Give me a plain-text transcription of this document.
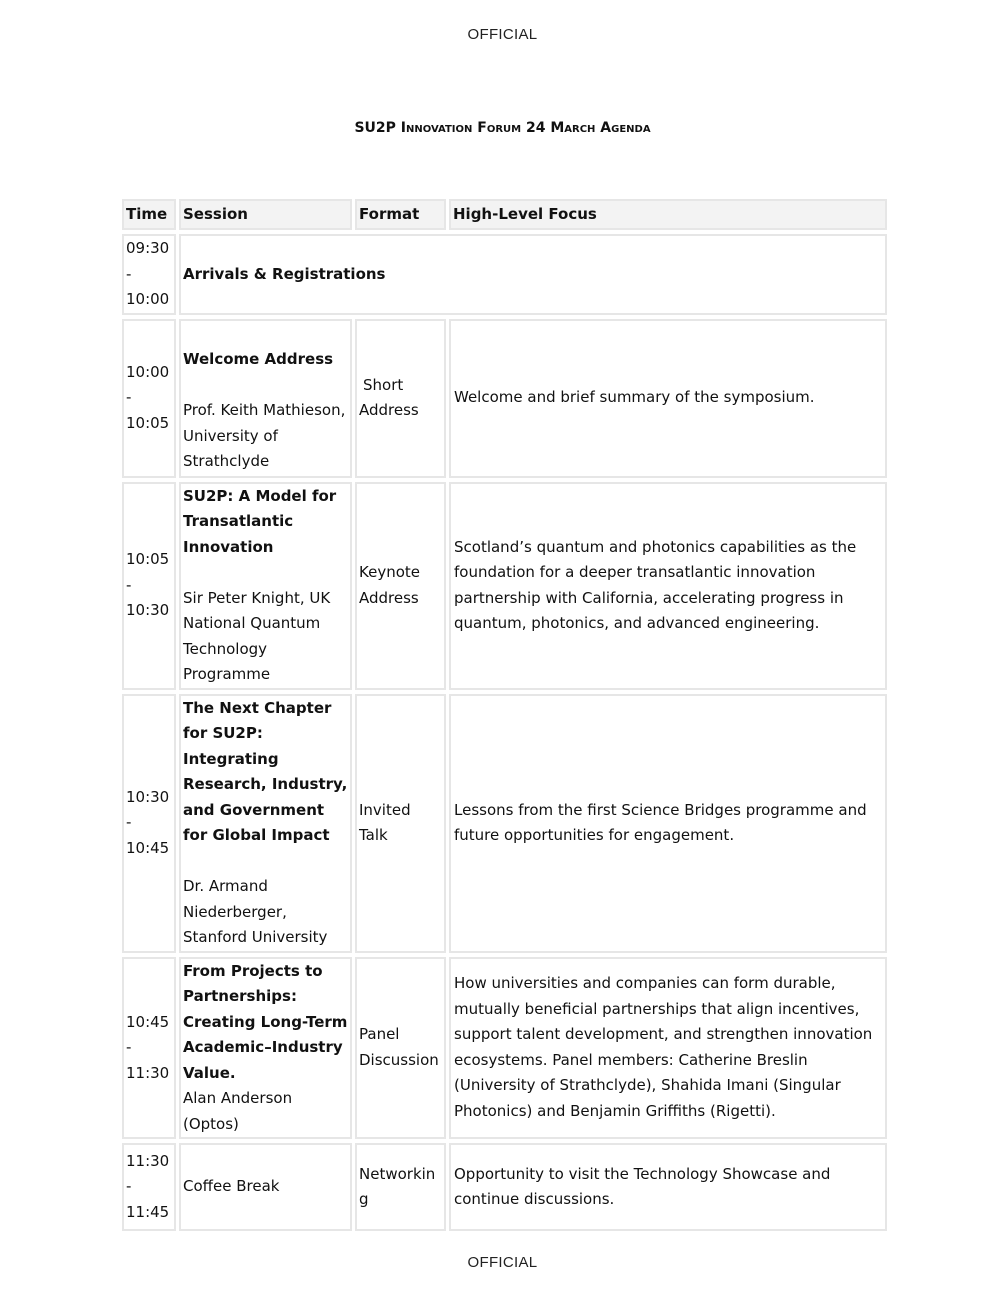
OFFICIAL
SU2P Innovation Forum 24 March Agenda
Time	Session	Format	High-Level Focus

09:30-
10:00	Arrivals & Registrations		

10:00-
10:05	Welcome Address
Prof. Keith Mathieson, University of Strathclyde	Short
Address	Welcome and brief summary of the symposium.

10:05-
10:30	SU2P: A Model for Transatlantic Innovation
Sir Peter Knight, UK National Quantum Technology Programme	Keynote
Address	Scotland’s quantum and photonics capabilities as the foundation for a deeper transatlantic innovation partnership with California, accelerating progress in quantum, photonics, and advanced engineering.

10:30-
10:45	The Next Chapter for SU2P: Integrating Research, Industry, and Government for Global Impact
Dr. Armand Niederberger, Stanford University	Invited Talk	Lessons from the first Science Bridges programme and future opportunities for engagement.

10:45-
11:30	From Projects to Partnerships: Creating Long-Term Academic–Industry Value.
Alan Anderson (Optos)	Panel
Discussion	How universities and companies can form durable, mutually beneficial partnerships that align incentives, support talent development, and strengthen innovation ecosystems. Panel members: Catherine Breslin (University of Strathclyde), Shahida Imani (Singular Photonics) and Benjamin Griffiths (Rigetti).

11:30-
11:45	Coffee Break	Networking	Opportunity to visit the Technology Showcase and continue discussions.
OFFICIAL
